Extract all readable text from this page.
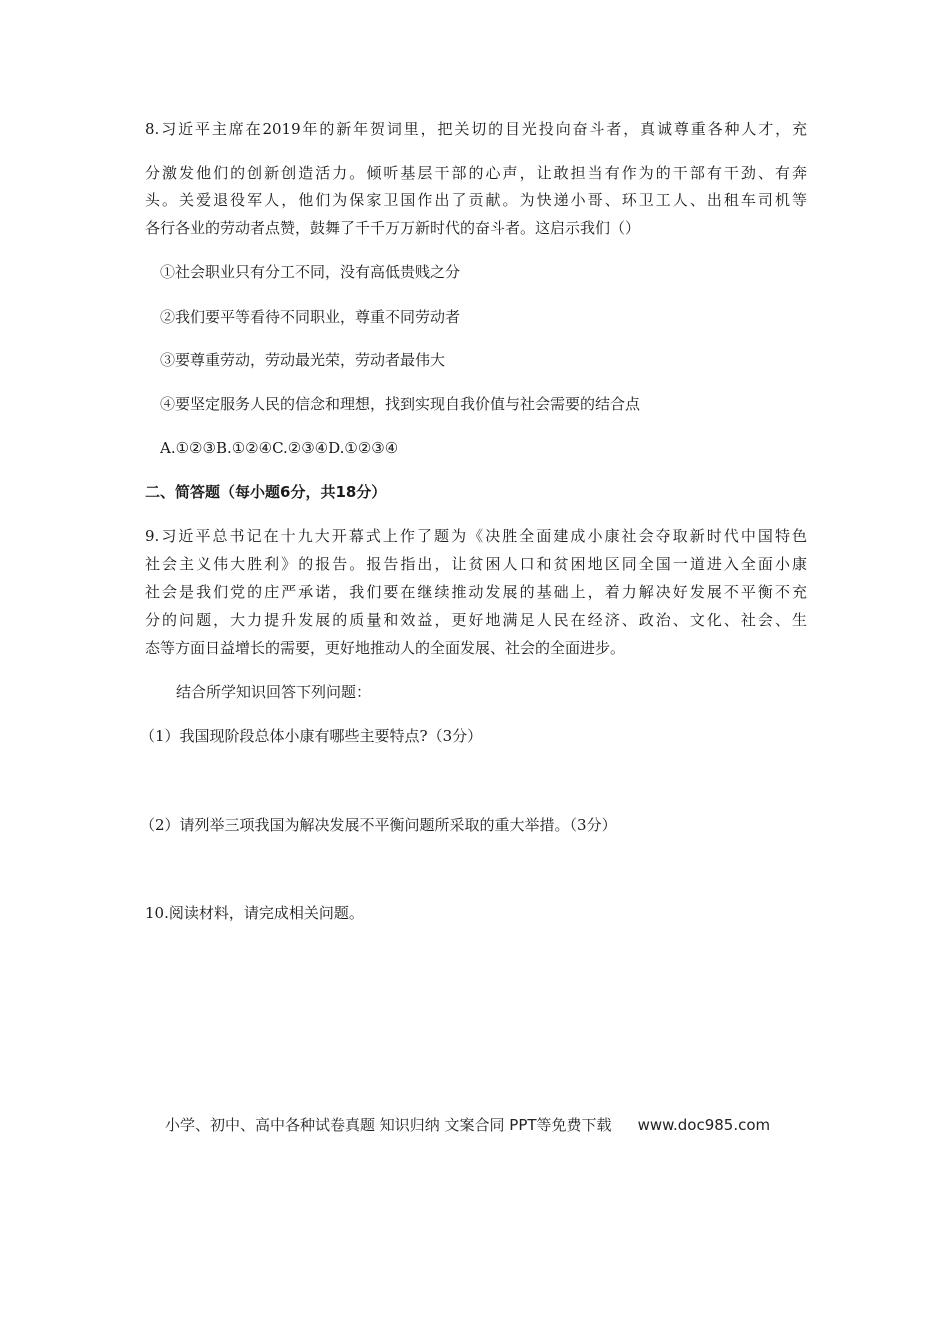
8.习近平主席在2019年的新年贺词里，把关切的目光投向奋斗者，真诚尊重各种人才，充
分激发他们的创新创造活力。倾听基层干部的心声，让敢担当有作为的干部有干劲、有奔
头。关爱退役军人，他们为保家卫国作出了贡献。为快递小哥、环卫工人、出租车司机等
各行各业的劳动者点赞，鼓舞了千千万万新时代的奋斗者。这启示我们（）
①社会职业只有分工不同，没有高低贵贱之分
②我们要平等看待不同职业，尊重不同劳动者
③要尊重劳动，劳动最光荣，劳动者最伟大
④要坚定服务人民的信念和理想，找到实现自我价值与社会需要的结合点
A.①②③B.①②④C.②③④D.①②③④
二、简答题（每小题6分，共18分）
9.习近平总书记在十九大开幕式上作了题为《决胜全面建成小康社会夺取新时代中国特色
社会主义伟大胜利》的报告。报告指出，让贫困人口和贫困地区同全国一道进入全面小康
社会是我们党的庄严承诺，我们要在继续推动发展的基础上，着力解决好发展不平衡不充
分的问题，大力提升发展的质量和效益，更好地满足人民在经济、政治、文化、社会、生
态等方面日益增长的需要，更好地推动人的全面发展、社会的全面进步。
结合所学知识回答下列问题：
（1）我国现阶段总体小康有哪些主要特点?（3分）
（2）请列举三项我国为解决发展不平衡问题所采取的重大举措。（3分）
10.阅读材料，请完成相关问题。
小学、初中、高中各种试卷真题 知识归纳 文案合同 PPT等免费下载 www.doc985.com
